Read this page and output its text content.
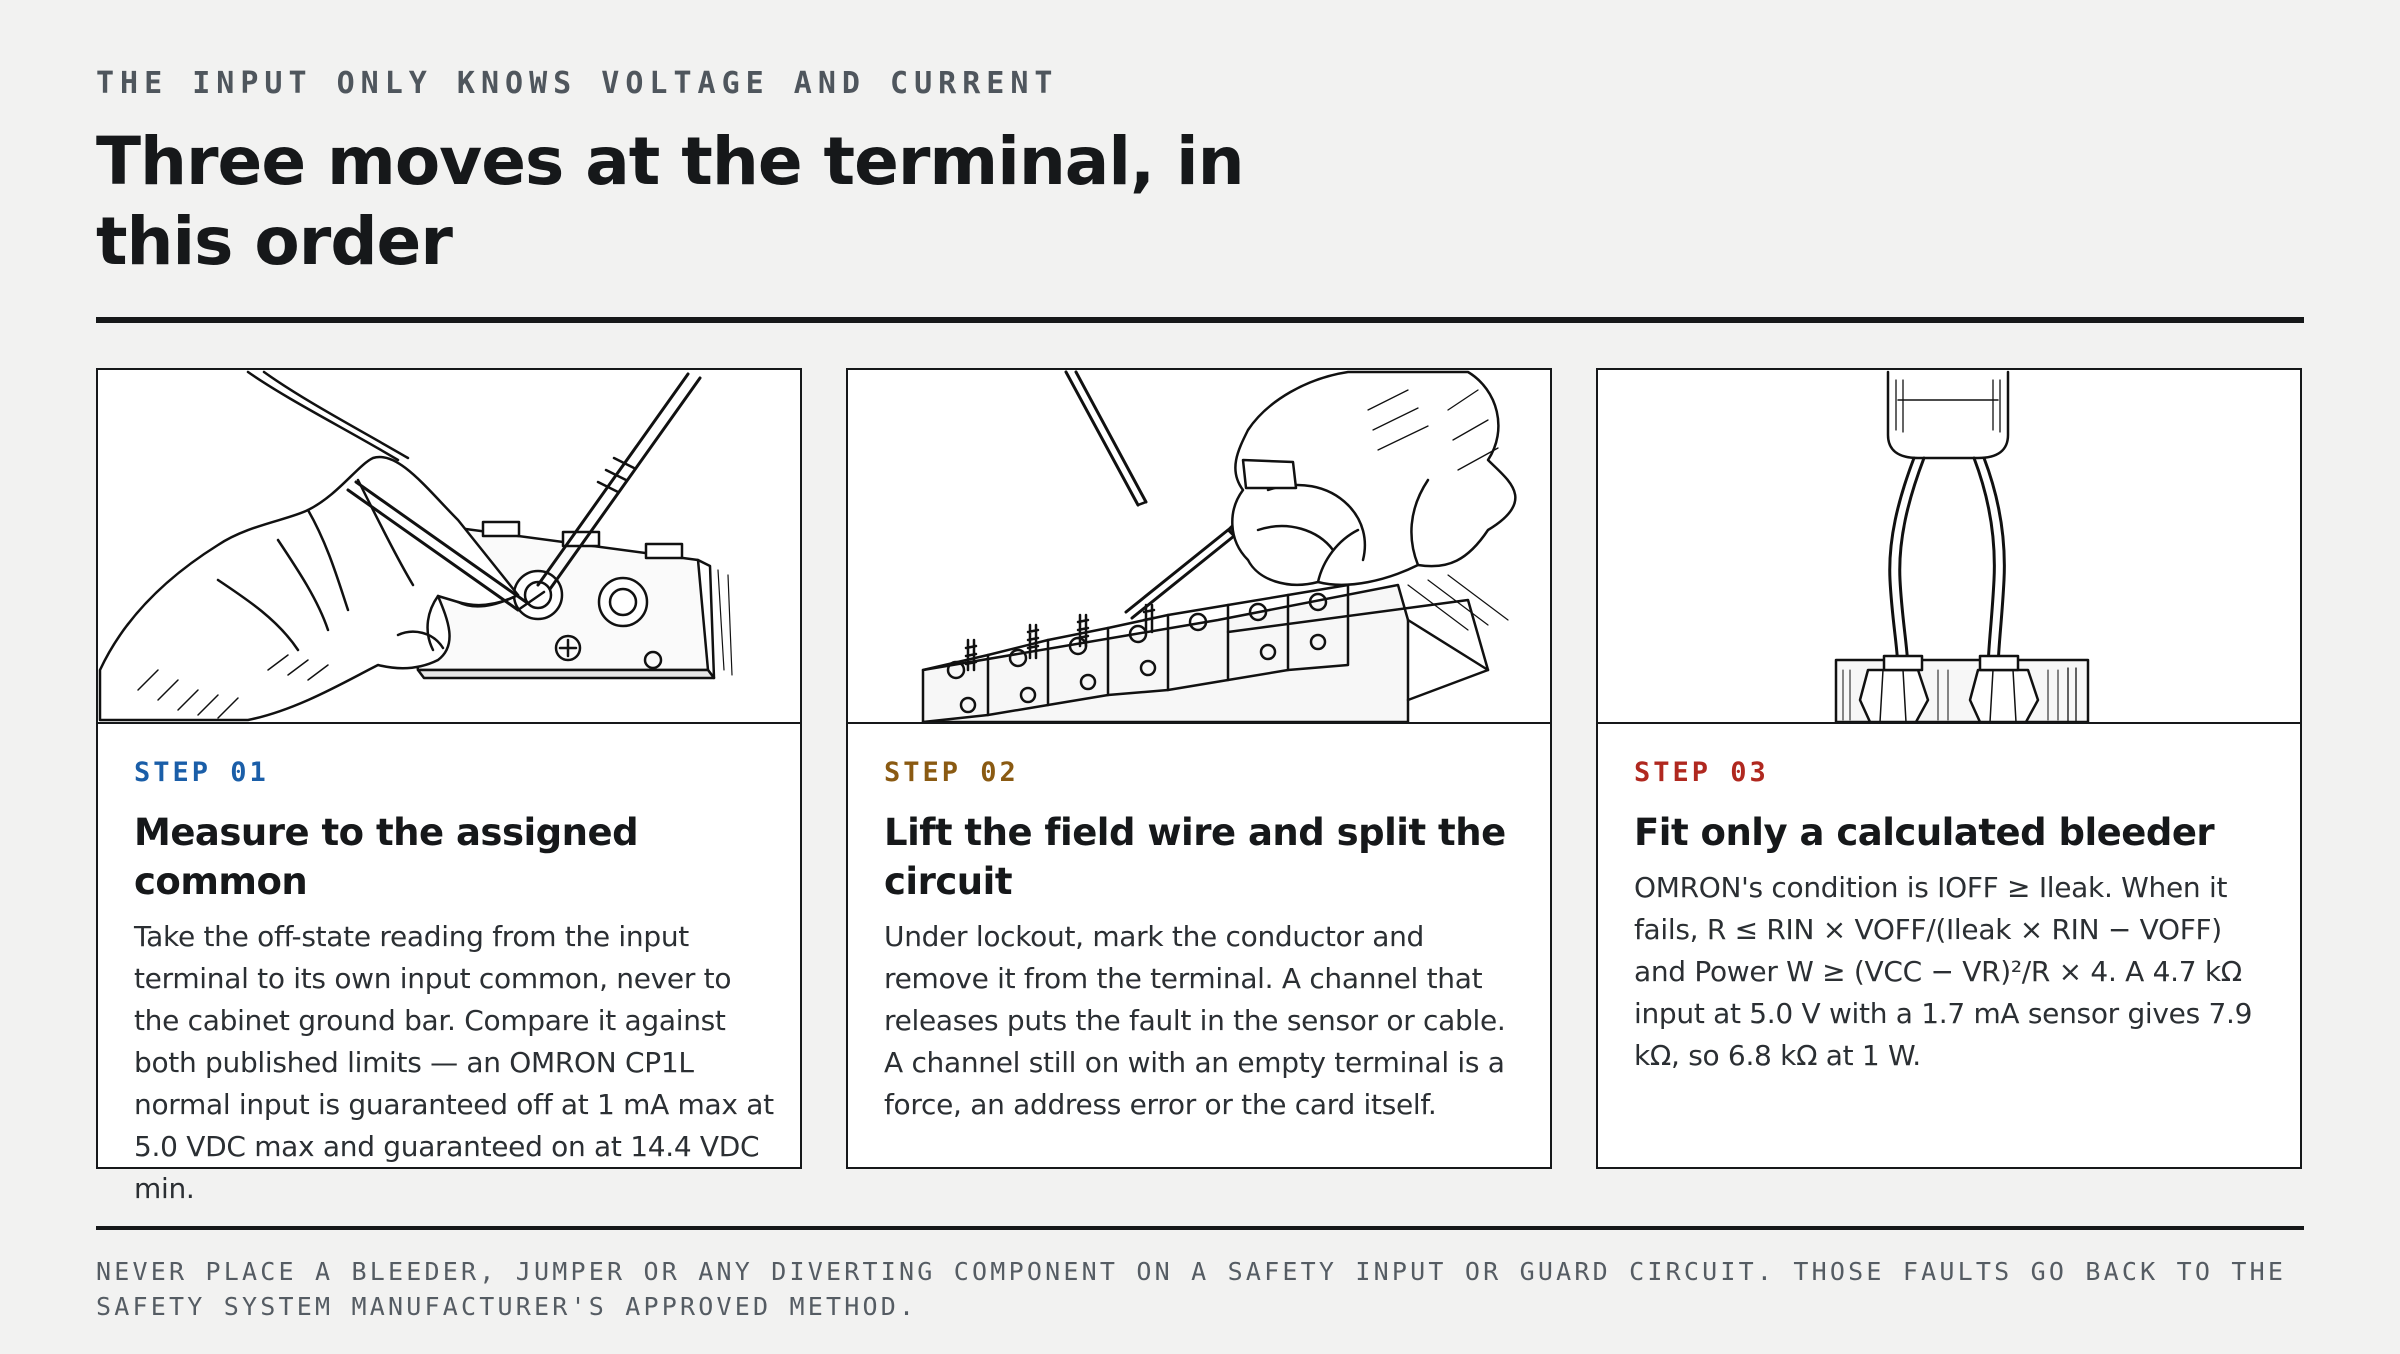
THE INPUT ONLY KNOWS VOLTAGE AND CURRENT
Three moves at the terminal, in this order
STEP 01
Measure to the assigned common

Take the off-state reading from the input terminal to its own input common, never to the cabinet ground bar. Compare it against both published limits — an OMRON CP1L normal input is guaranteed off at 1 mA max at 5.0 VDC max and guaranteed on at 14.4 VDC min.

STEP 02
Lift the field wire and split the circuit

Under lockout, mark the conductor and remove it from the terminal. A channel that releases puts the fault in the sensor or cable. A channel still on with an empty terminal is a force, an address error or the card itself.

STEP 03
Fit only a calculated bleeder

OMRON's condition is IOFF ≥ Ileak. When it fails, R ≤ RIN × VOFF/(Ileak × RIN − VOFF) and Power W ≥ (VCC − VR)²/R × 4. A 4.7 kΩ input at 5.0 V with a 1.7 mA sensor gives 7.9 kΩ, so 6.8 kΩ at 1 W.

NEVER PLACE A BLEEDER, JUMPER OR ANY DIVERTING COMPONENT ON A SAFETY INPUT OR GUARD CIRCUIT. THOSE FAULTS GO BACK TO THE SAFETY SYSTEM MANUFACTURER'S APPROVED METHOD.
